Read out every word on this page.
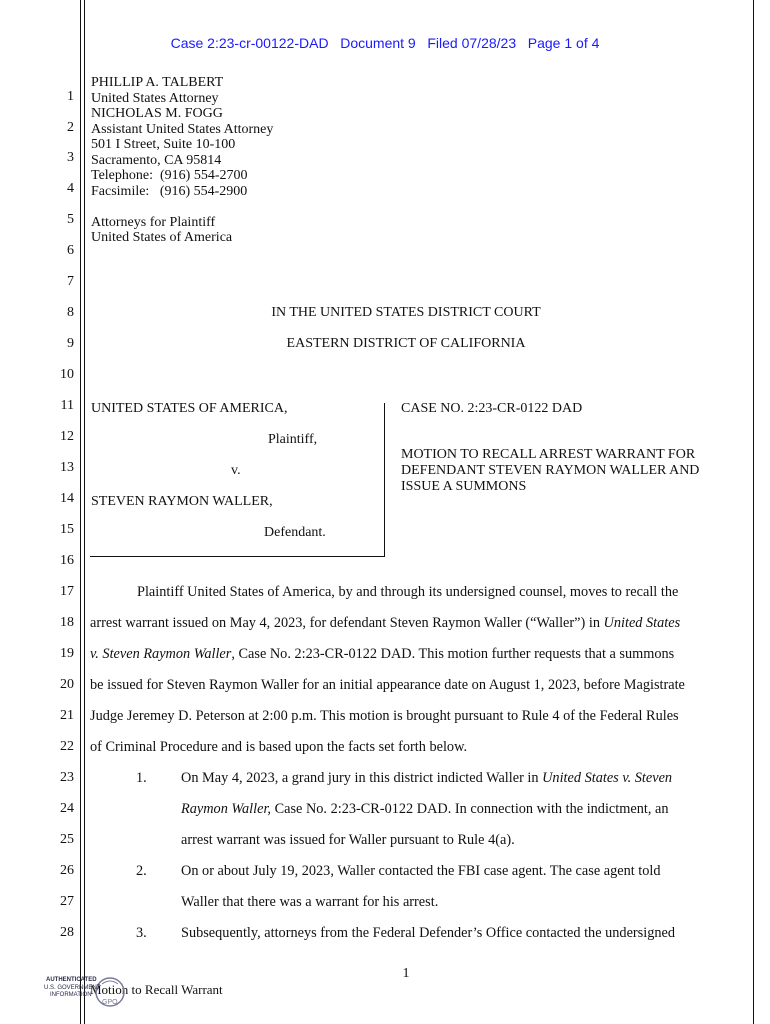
Case 2:23-cr-00122-DAD   Document 9   Filed 07/28/23   Page 1 of 4
1
2
3
4
5
6
7
8
9
10
11
12
13
14
15
16
17
18
19
20
21
22
23
24
25
26
27
28
PHILLIP A. TALBERT
United States Attorney
NICHOLAS M. FOGG
Assistant United States Attorney
501 I Street, Suite 10-100
Sacramento, CA 95814
Telephone:  (916) 554-2700
Facsimile:   (916) 554-2900
Attorneys for Plaintiff
United States of America
IN THE UNITED STATES DISTRICT COURT
EASTERN DISTRICT OF CALIFORNIA
UNITED STATES OF AMERICA,
Plaintiff,
v.
STEVEN RAYMON WALLER,
Defendant.
CASE NO. 2:23-CR-0122 DAD
MOTION TO RECALL ARREST WARRANT FOR
DEFENDANT STEVEN RAYMON WALLER AND
ISSUE A SUMMONS
Plaintiff United States of America, by and through its undersigned counsel, moves to recall the
arrest warrant issued on May 4, 2023, for defendant Steven Raymon Waller (“Waller”) in United States
v. Steven Raymon Waller, Case No. 2:23-CR-0122 DAD. This motion further requests that a summons
be issued for Steven Raymon Waller for an initial appearance date on August 1, 2023, before Magistrate
Judge Jeremey D. Peterson at 2:00 p.m. This motion is brought pursuant to Rule 4 of the Federal Rules
of Criminal Procedure and is based upon the facts set forth below.
1. On May 4, 2023, a grand jury in this district indicted Waller in United States v. Steven
Raymon Waller, Case No. 2:23-CR-0122 DAD. In connection with the indictment, an
arrest warrant was issued for Waller pursuant to Rule 4(a).
2. On or about July 19, 2023, Waller contacted the FBI case agent. The case agent told
Waller that there was a warrant for his arrest.
3. Subsequently, attorneys from the Federal Defender’s Office contacted the undersigned
1
Motion to Recall Warrant
AUTHENTICATED
U.S. GOVERNMENT
INFORMATION
GPO
